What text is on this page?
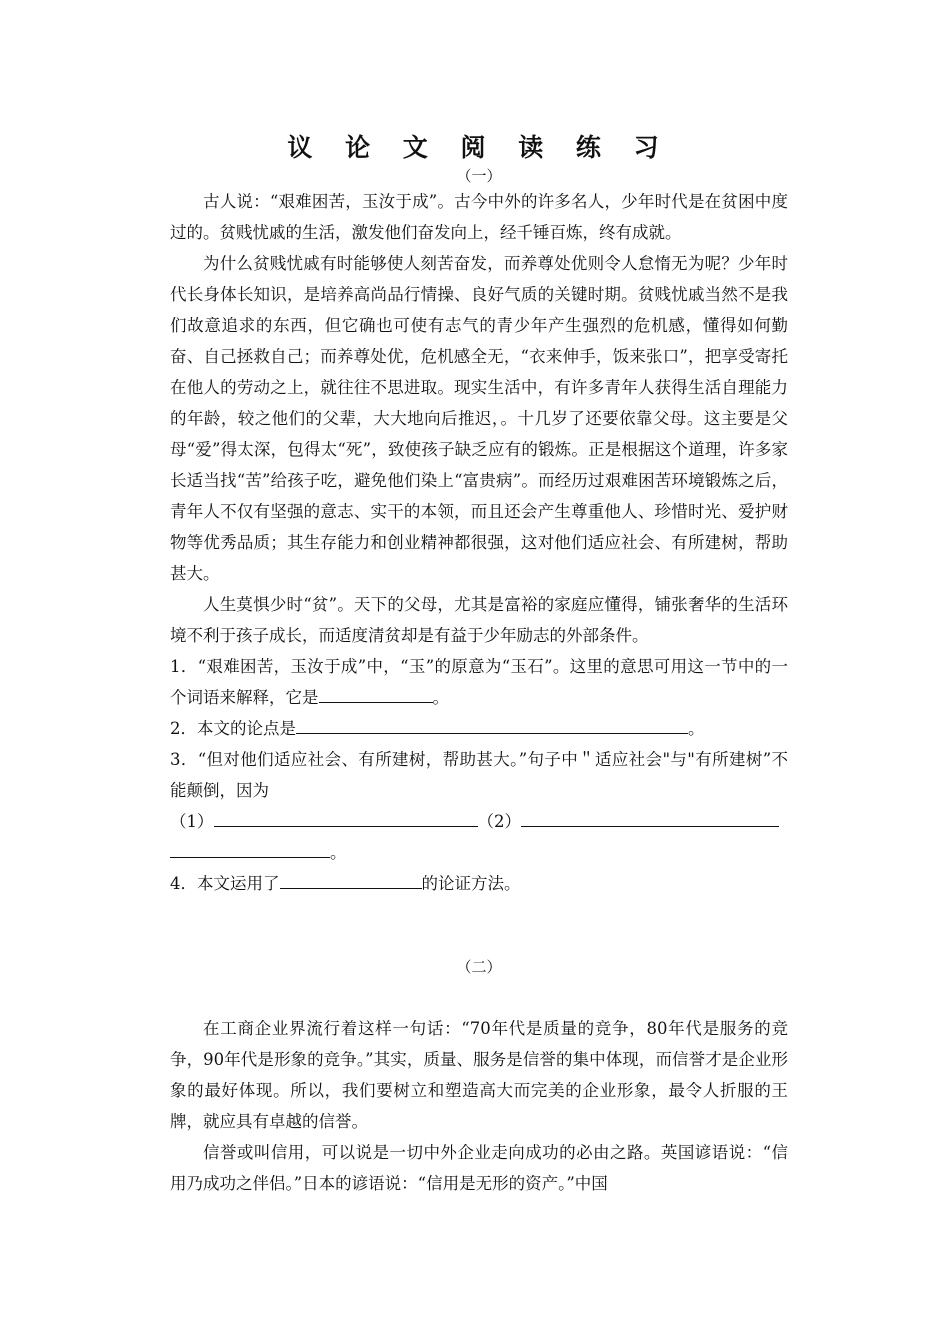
议 论 文 阅 读 练 习

（一）

古人说：“艰难困苦，玉汝于成”。古今中外的许多名人，少年时代是在贫困中度过的。贫贱忧戚的生活，激发他们奋发向上，经千锤百炼，终有成就。

为什么贫贱忧戚有时能够使人刻苦奋发，而养尊处优则令人怠惰无为呢？少年时代长身体长知识，是培养高尚品行情操、良好气质的关键时期。贫贱忧戚当然不是我们故意追求的东西，但它确也可使有志气的青少年产生强烈的危机感，懂得如何勤奋、自己拯救自己；而养尊处优，危机感全无，“衣来伸手，饭来张口”，把享受寄托在他人的劳动之上，就往往不思进取。现实生活中，有许多青年人获得生活自理能力的年龄，较之他们的父辈，大大地向后推迟，。十几岁了还要依靠父母。这主要是父母“爱”得太深，包得太“死”，致使孩子缺乏应有的锻炼。正是根据这个道理，许多家长适当找“苦”给孩子吃，避免他们染上“富贵病”。而经历过艰难困苦环境锻炼之后，青年人不仅有坚强的意志、实干的本领，而且还会产生尊重他人、珍惜时光、爱护财物等优秀品质；其生存能力和创业精神都很强，这对他们适应社会、有所建树，帮助甚大。

人生莫惧少时“贫”。天下的父母，尤其是富裕的家庭应懂得，铺张奢华的生活环境不利于孩子成长，而适度清贫却是有益于少年励志的外部条件。

1．“艰难困苦，玉汝于成”中，“玉”的原意为“玉石”。这里的意思可用这一节中的一个词语来解释，它是	。

2．本文的论点是	。

3．“但对他们适应社会、有所建树，帮助甚大。”句子中＂适应社会"与"有所建树”不能颠倒，因为

（1）	（2）

。

4．本文运用了	的论证方法。

（二）

在工商企业界流行着这样一句话：“70年代是质量的竞争，80年代是服务的竞争，90年代是形象的竞争。”其实，质量、服务是信誉的集中体现，而信誉才是企业形象的最好体现。所以，我们要树立和塑造高大而完美的企业形象，最令人折服的王牌，就应具有卓越的信誉。

信誉或叫信用，可以说是一切中外企业走向成功的必由之路。英国谚语说：“信用乃成功之伴侣。”日本的谚语说：“信用是无形的资产。”中国
